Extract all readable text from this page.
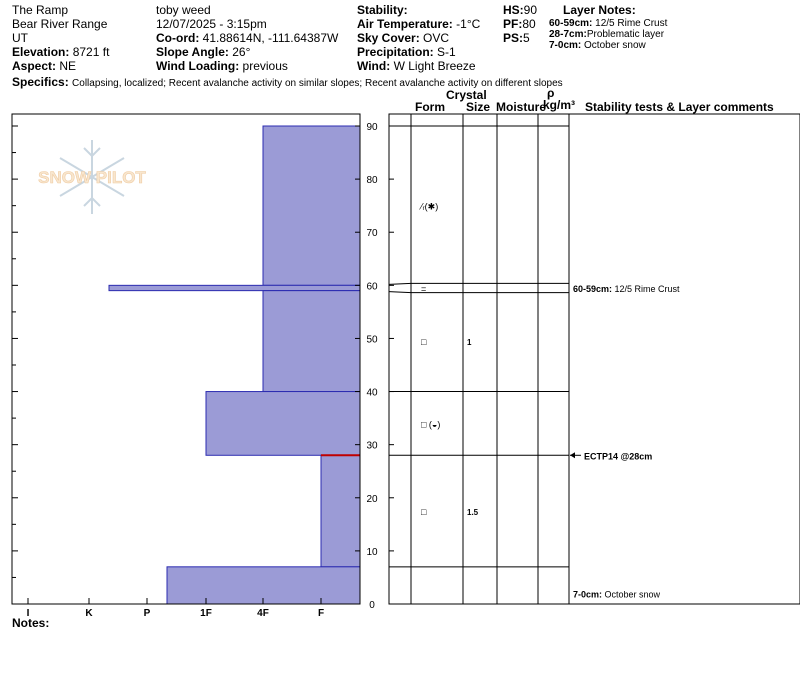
The Ramp
Bear River Range
UT
Elevation: 8721 ft
Aspect: NE
toby weed
12/07/2025 - 3:15pm
Co-ord: 41.88614N, -111.64387W
Slope Angle: 26°
Wind Loading: previous
Stability:
Air Temperature: -1°C
Sky Cover: OVC
Precipitation: S-1
Wind: W Light Breeze
HS:90
PF:80
PS:5
Layer Notes:
60-59cm: 12/5 Rime Crust
28-7cm:Problematic layer
7-0cm: October snow
Specifics: Collapsing, localized; Recent avalanche activity on similar slopes; Recent avalanche activity on different slopes
Crystal
Form Size Moisture
ρ
kg/m³ Stability tests & Layer comments
SNOW PILOT
I	K	P	1F	4F	F
0
10
20
30
40
50
60
70
80
90
⁄ᵣ(✱)
=
□	1
□ (◒)
□	1.5
60-59cm: 12/5 Rime Crust
ECTP14 @28cm
7-0cm: October snow
Notes:
